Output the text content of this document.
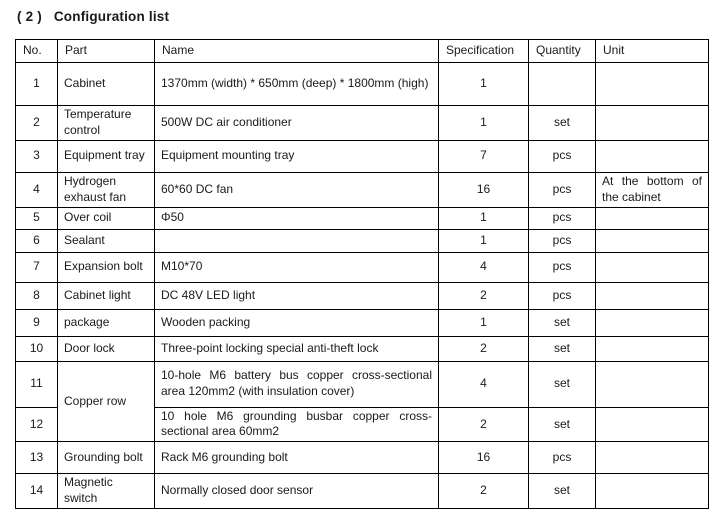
( 2 )   Configuration list
No.	Part	Name	Specification	Quantity	Unit
1	Cabinet	1370mm (width) * 650mm (deep) * 1800mm (high)	1		
2	Temperature control	500W DC air conditioner	1	set	
3	Equipment tray	Equipment mounting tray	7	pcs	
4	Hydrogen exhaust fan	60*60 DC fan	16	pcs	At the bottom of the cabinet
5	Over coil	Φ50	1	pcs	
6	Sealant		1	pcs	
7	Expansion bolt	M10*70	4	pcs	
8	Cabinet light	DC 48V LED light	2	pcs	
9	package	Wooden packing	1	set	
10	Door lock	Three-point locking special anti-theft lock	2	set	
11	Copper row	10-hole M6 battery bus copper cross-sectional area 120mm2 (with insulation cover)	4	set	
12		10 hole M6 grounding busbar copper cross-sectional area 60mm2	2	set	
13	Grounding bolt	Rack M6 grounding bolt	16	pcs	
14	Magnetic switch	Normally closed door sensor	2	set	
